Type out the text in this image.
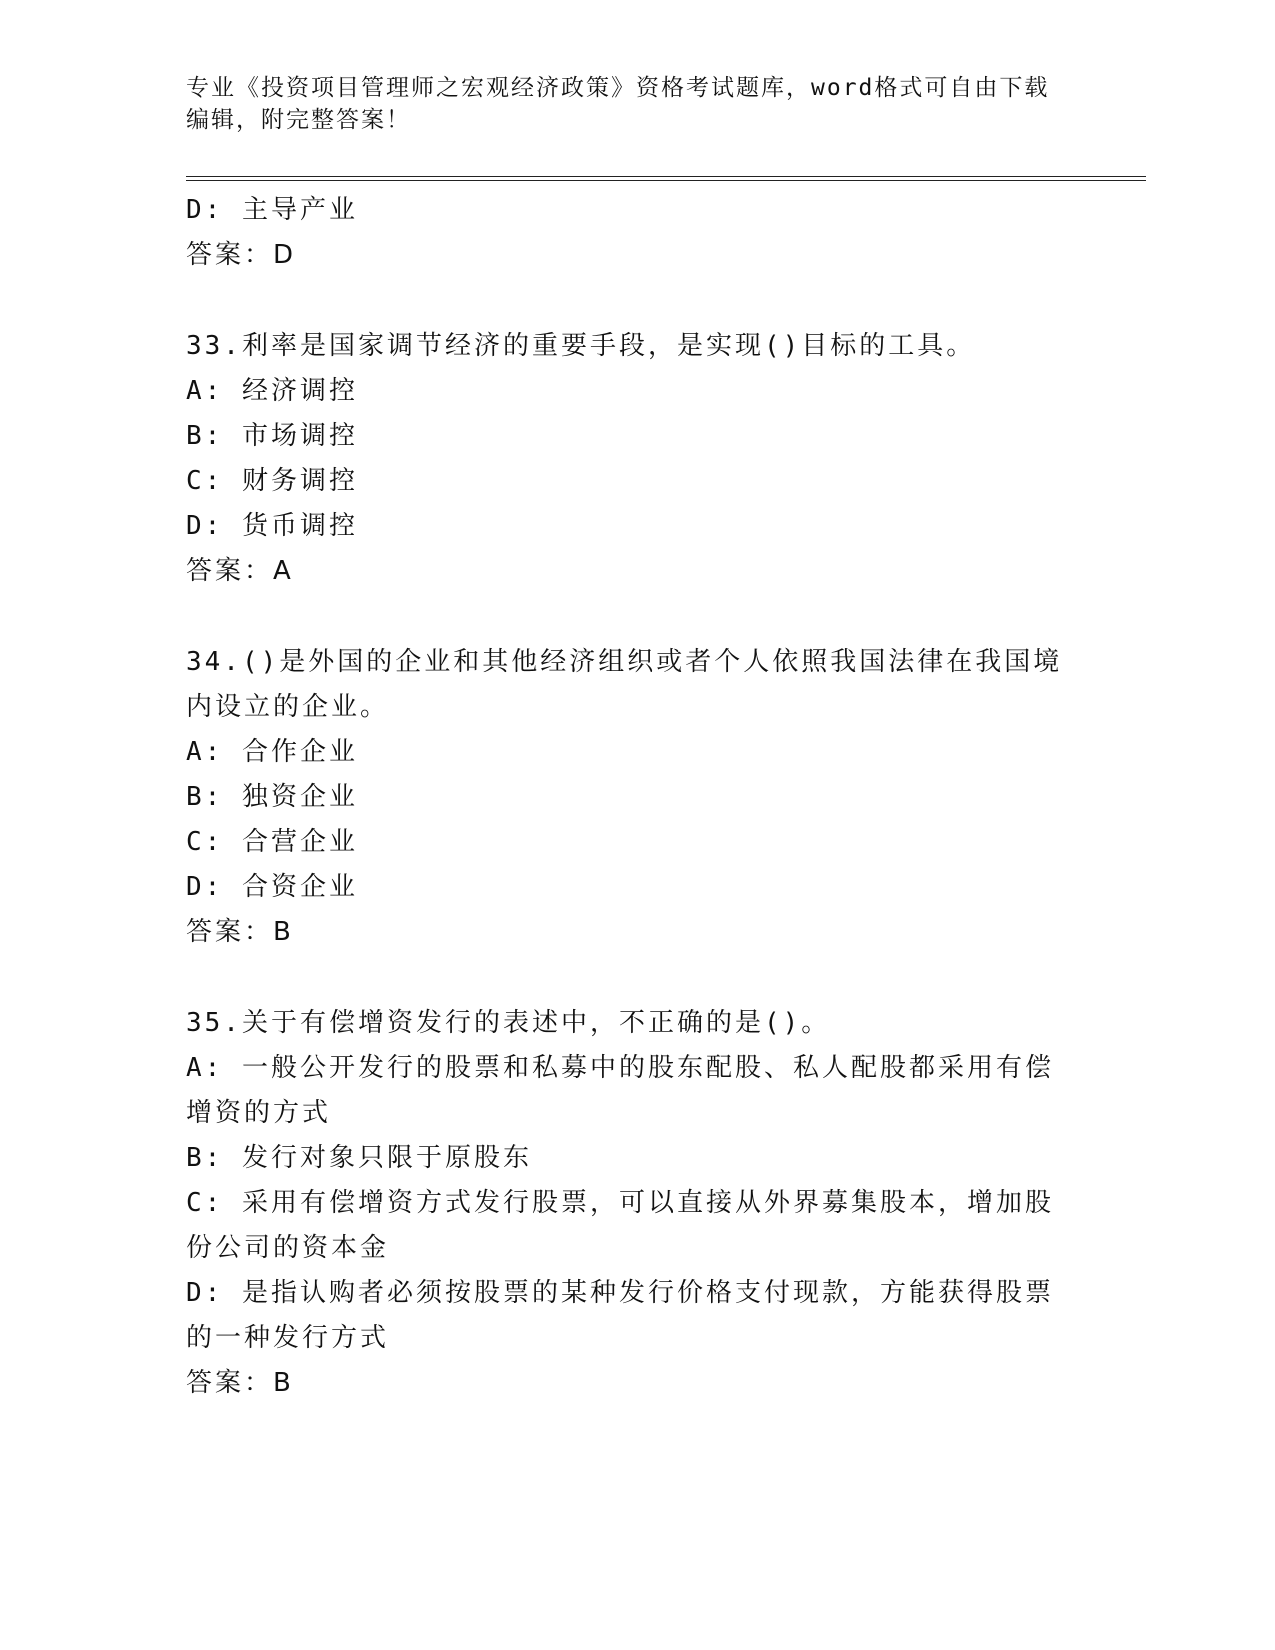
专业《投资项目管理师之宏观经济政策》资格考试题库，word格式可自由下载编辑，附完整答案！
D: 主导产业
答案：D
33.利率是国家调节经济的重要手段，是实现()目标的工具。
A: 经济调控
B: 市场调控
C: 财务调控
D: 货币调控
答案：A
34.()是外国的企业和其他经济组织或者个人依照我国法律在我国境内设立的企业。
A: 合作企业
B: 独资企业
C: 合营企业
D: 合资企业
答案：B
35.关于有偿增资发行的表述中，不正确的是()。
A: 一般公开发行的股票和私募中的股东配股、私人配股都采用有偿增资的方式
B: 发行对象只限于原股东
C: 采用有偿增资方式发行股票，可以直接从外界募集股本，增加股份公司的资本金
D: 是指认购者必须按股票的某种发行价格支付现款，方能获得股票的一种发行方式
答案：B
